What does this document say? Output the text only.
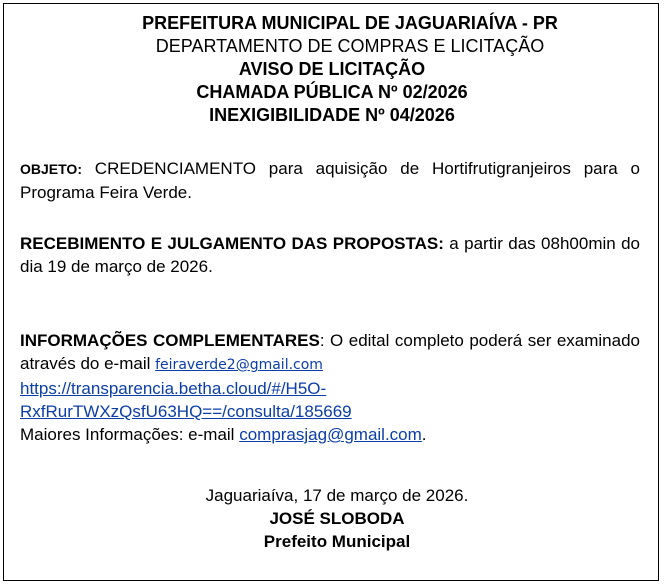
PREFEITURA MUNICIPAL DE JAGUARIAÍVA - PR
DEPARTAMENTO DE COMPRAS E LICITAÇÃO
AVISO DE LICITAÇÃO
CHAMADA PÚBLICA Nº 02/2026
INEXIGIBILIDADE Nº 04/2026
OBJETO: CREDENCIAMENTO para aquisição de Hortifrutigranjeiros para o Programa Feira Verde.
RECEBIMENTO E JULGAMENTO DAS PROPOSTAS: a partir das 08h00min do dia 19 de março de 2026.
INFORMAÇÕES COMPLEMENTARES: O edital completo poderá ser examinado através do e-mail feiraverde2@gmail.com
https://transparencia.betha.cloud/#/H5O-
RxfRurTWXzQsfU63HQ==/consulta/185669
Maiores Informações: e-mail comprasjag@gmail.com.
Jaguariaíva, 17 de março de 2026.
JOSÉ SLOBODA
Prefeito Municipal
